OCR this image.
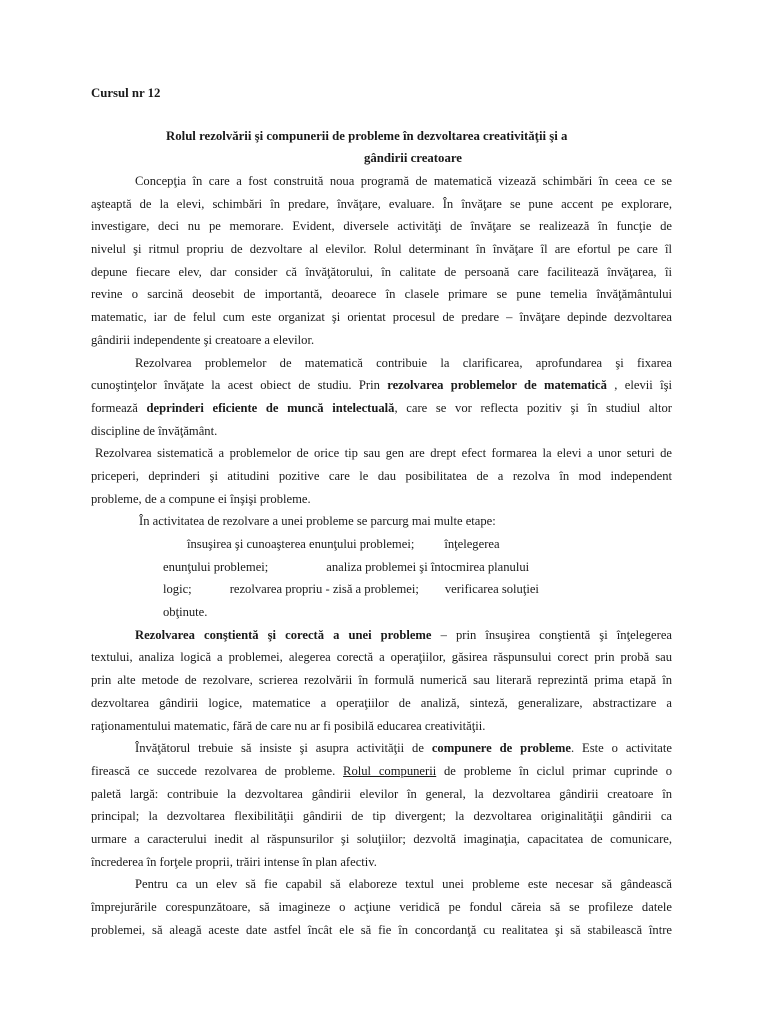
Cursul nr 12
Rolul rezolvării şi compunerii de probleme în dezvoltarea creativităţii şi a
gândirii creatoare
Concepţia în care a fost construită noua programă de matematică vizează schimbări în ceea ce se
aşteaptă de la elevi, schimbări în predare, învăţare, evaluare. În învăţare se pune accent pe explorare,
investigare, deci nu pe memorare. Evident, diversele activităţi de învăţare se realizează în funcţie de
nivelul şi ritmul propriu de dezvoltare al elevilor. Rolul determinant în învăţare îl are efortul pe care îl
depune fiecare elev, dar consider că învăţătorului, în calitate de persoană care facilitează învăţarea, îi
revine o sarcină deosebit de importantă, deoarece în clasele primare se pune temelia învăţământului
matematic, iar de felul cum este organizat şi orientat procesul de predare – învăţare depinde dezvoltarea
gândirii independente şi creatoare a elevilor.
Rezolvarea problemelor de matematică contribuie la clarificarea, aprofundarea şi fixarea
cunoştinţelor învăţate la acest obiect de studiu. Prin rezolvarea problemelor de matematică , elevii îşi
formează deprinderi eficiente de muncă intelectuală, care se vor reflecta pozitiv şi în studiul altor
discipline de învăţământ.
Rezolvarea sistematică a problemelor de orice tip sau gen are drept efect formarea la elevi a unor seturi de
priceperi, deprinderi şi atitudini pozitive care le dau posibilitatea de a rezolva în mod independent
probleme, de a compune ei înşişi probleme.
În activitatea de rezolvare a unei probleme se parcurg mai multe etape:
însuşirea şi cunoaşterea enunţului problemei; înţelegerea
enunţului problemei;	analiza problemei şi întocmirea planului
logic;	rezolvarea propriu - zisă a problemei; verificarea soluţiei
obţinute.
Rezolvarea conştientă şi corectă a unei probleme – prin însuşirea conştientă şi înţelegerea
textului, analiza logică a problemei, alegerea corectă a operaţiilor, găsirea răspunsului corect prin probă sau
prin alte metode de rezolvare, scrierea rezolvării în formulă numerică sau literară reprezintă prima etapă în
dezvoltarea gândirii logice, matematice a operaţiilor de analiză, sinteză, generalizare, abstractizare a
raţionamentului matematic, fără de care nu ar fi posibilă educarea creativităţii.
Învăţătorul trebuie să insiste şi asupra activităţii de compunere de probleme. Este o activitate
firească ce succede rezolvarea de probleme. Rolul compunerii de probleme în ciclul primar cuprinde o
paletă largă: contribuie la dezvoltarea gândirii elevilor în general, la dezvoltarea gândirii creatoare în
principal; la dezvoltarea flexibilităţii gândirii de tip divergent; la dezvoltarea originalităţii gândirii ca
urmare a caracterului inedit al răspunsurilor şi soluţiilor; dezvoltă imaginaţia, capacitatea de comunicare,
încrederea în forţele proprii, trăiri intense în plan afectiv.
Pentru ca un elev să fie capabil să elaboreze textul unei probleme este necesar să gândească
împrejurările corespunzătoare, să imagineze o acţiune veridică pe fondul căreia să se profileze datele
problemei, să aleagă aceste date astfel încât ele să fie în concordanţă cu realitatea şi să stabilească între
